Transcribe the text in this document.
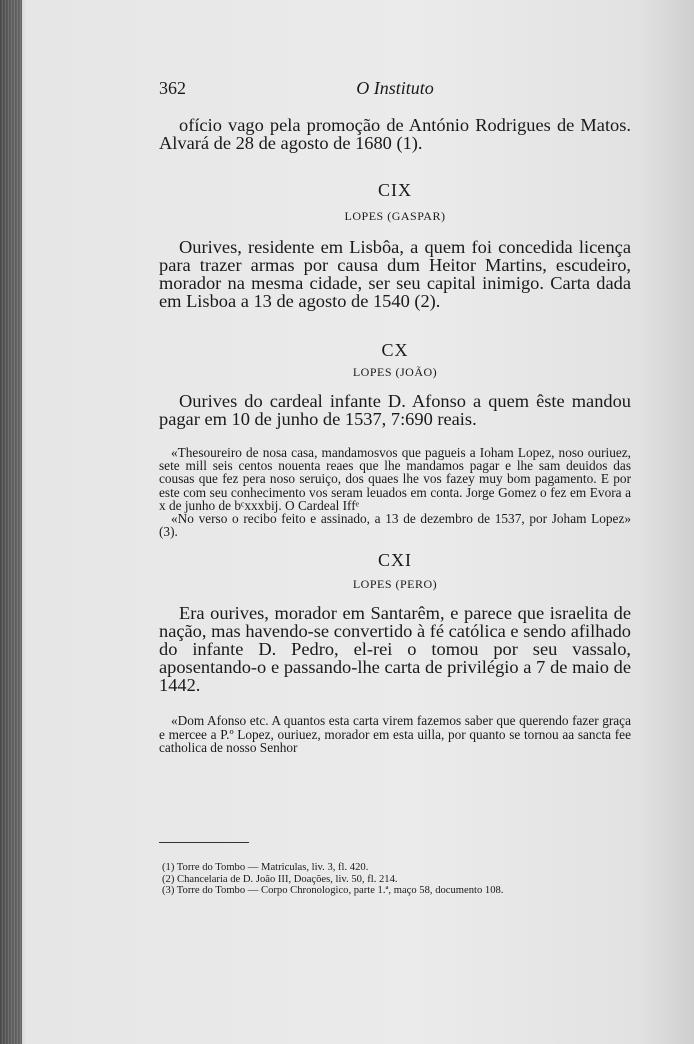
362	O Instituto

ofício vago pela promoção de António Rodrigues de Matos. Alvará de 28 de agosto de 1680 (1).

CIX
LOPES (GASPAR)

Ourives, residente em Lisbôa, a quem foi concedida licença para trazer armas por causa dum Heitor Martins, escudeiro, morador na mesma cidade, ser seu capital inimigo. Carta dada em Lisboa a 13 de agosto de 1540 (2).

CX
LOPES (JOÃO)

Ourives do cardeal infante D. Afonso a quem êste mandou pagar em 10 de junho de 1537, 7:690 reais.

«Thesoureiro de nosa casa, mandamosvos que pagueis a Ioham Lopez, noso ouriuez, sete mill seis centos nouenta reaes que lhe mandamos pagar e lhe sam deuidos das cousas que fez pera noso seruiço, dos quaes lhe vos fazey muy bom pagamento. E por este com seu conhecimento vos seram leuados em conta. Jorge Gomez o fez em Evora a x de junho de bᶜxxxbij. O Cardeal Iffᵉ

«No verso o recibo feito e assinado, a 13 de dezembro de 1537, por Joham Lopez» (3).

CXI
LOPES (PERO)

Era ourives, morador em Santarêm, e parece que israelita de nação, mas havendo-se convertido à fé católica e sendo afilhado do infante D. Pedro, el-rei o tomou por seu vassalo, aposentando-o e passando-lhe carta de privilégio a 7 de maio de 1442.

«Dom Afonso etc. A quantos esta carta virem fazemos saber que querendo fazer graça e mercee a P.º Lopez, ouriuez, morador em esta uilla, por quanto se tornou aa sancta fee catholica de nosso Senhor

(1) Torre do Tombo — Matriculas, liv. 3, fl. 420.
(2) Chancelaria de D. João III, Doações, liv. 50, fl. 214.
(3) Torre do Tombo — Corpo Chronologico, parte 1.ª, maço 58, documento 108.
